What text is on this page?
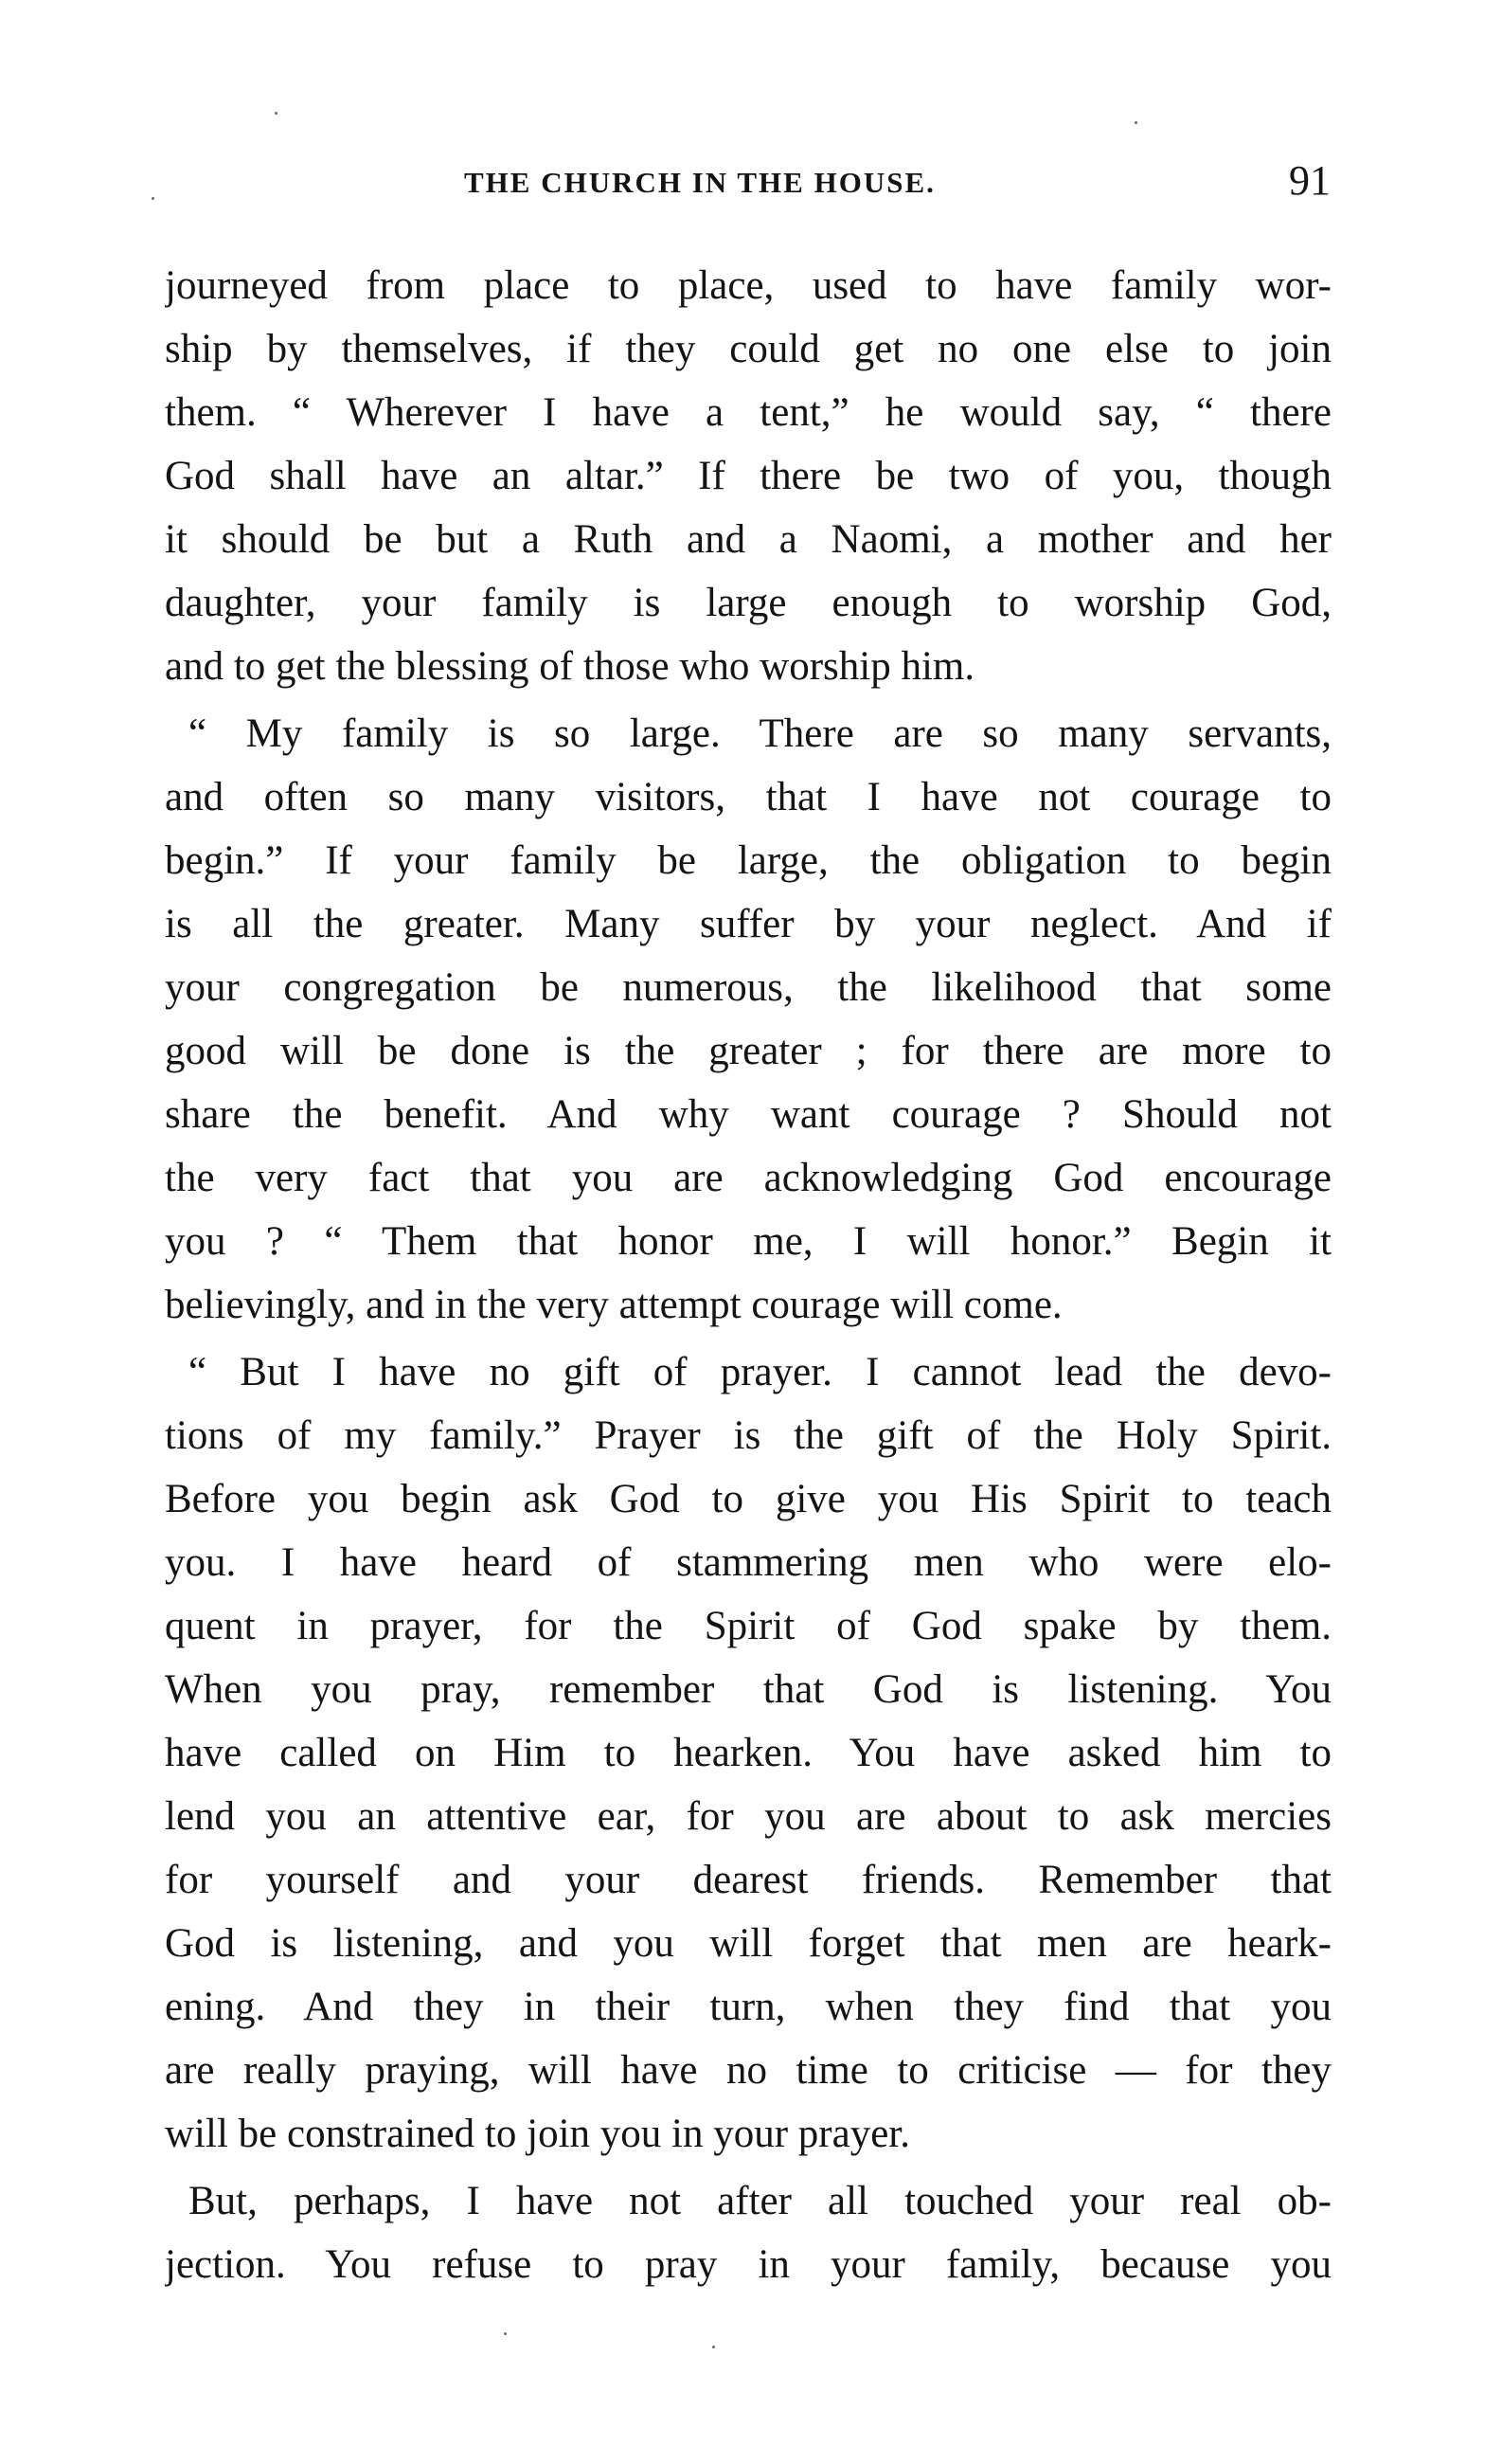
THE CHURCH IN THE HOUSE.	91
journeyed from place to place, used to have family wor-
ship by themselves, if they could get no one else to join
them. “ Wherever I have a tent,” he would say, “ there
God shall have an altar.” If there be two of you, though
it should be but a Ruth and a Naomi, a mother and her
daughter, your family is large enough to worship God,
and to get the blessing of those who worship him.
“ My family is so large. There are so many servants,
and often so many visitors, that I have not courage to
begin.” If your family be large, the obligation to begin
is all the greater. Many suffer by your neglect. And if
your congregation be numerous, the likelihood that some
good will be done is the greater ; for there are more to
share the benefit. And why want courage ? Should not
the very fact that you are acknowledging God encourage
you ? “ Them that honor me, I will honor.” Begin it
believingly, and in the very attempt courage will come.
“ But I have no gift of prayer. I cannot lead the devo-
tions of my family.” Prayer is the gift of the Holy Spirit.
Before you begin ask God to give you His Spirit to teach
you. I have heard of stammering men who were elo-
quent in prayer, for the Spirit of God spake by them.
When you pray, remember that God is listening. You
have called on Him to hearken. You have asked him to
lend you an attentive ear, for you are about to ask mercies
for yourself and your dearest friends. Remember that
God is listening, and you will forget that men are heark-
ening. And they in their turn, when they find that you
are really praying, will have no time to criticise — for they
will be constrained to join you in your prayer.
But, perhaps, I have not after all touched your real ob-
jection. You refuse to pray in your family, because you
